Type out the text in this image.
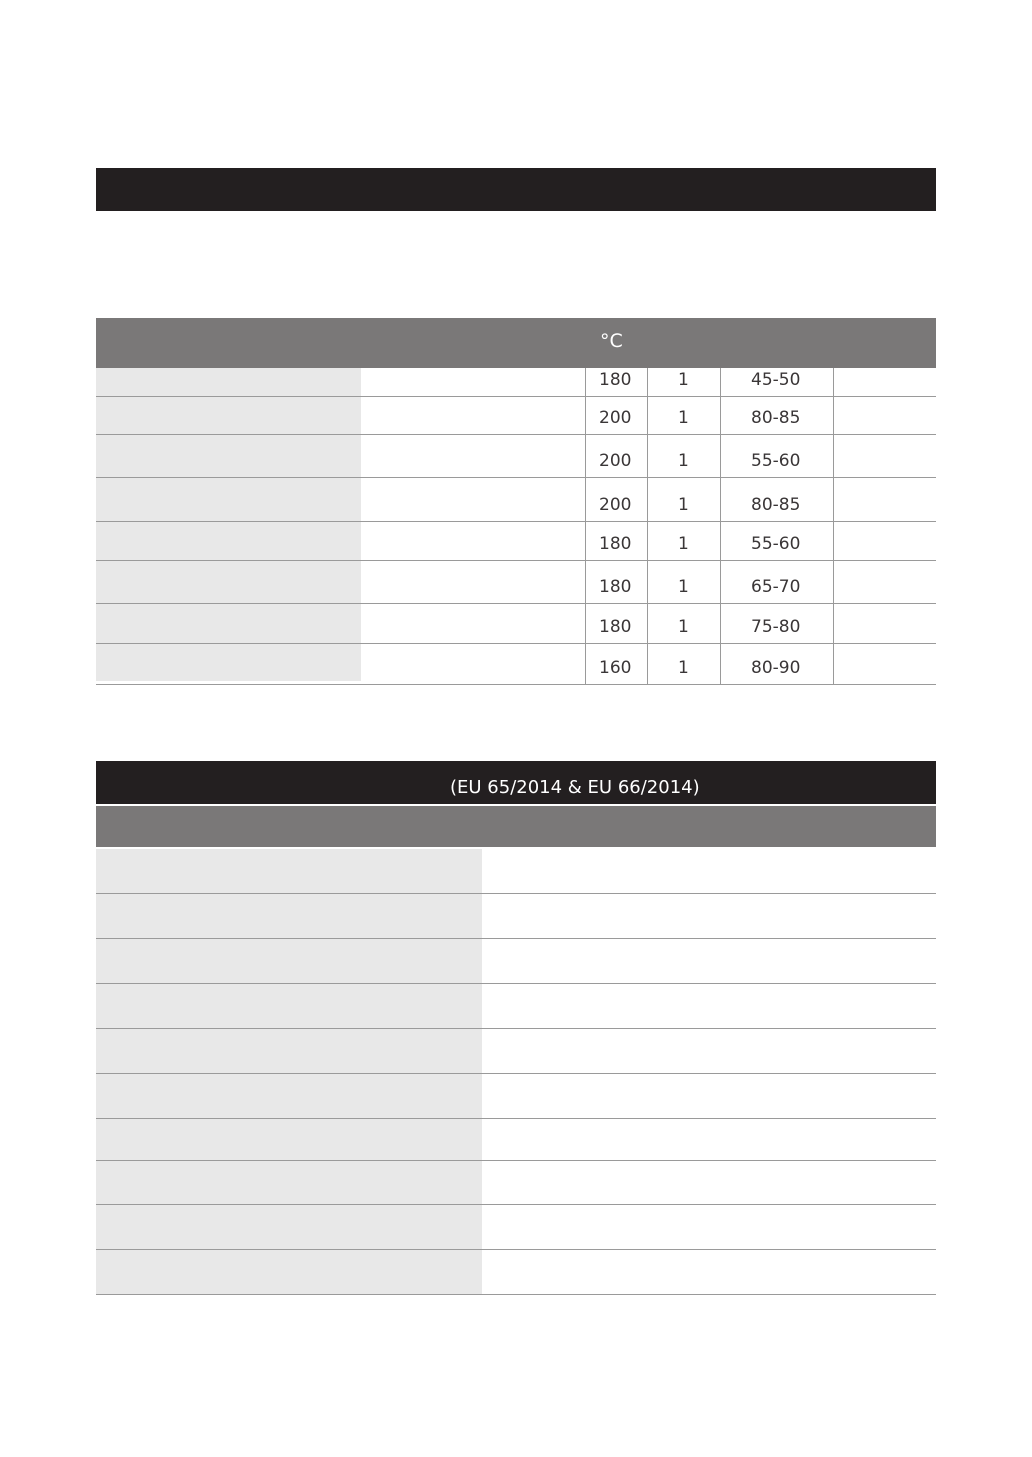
°C
180	1	45-50
200	1	80-85
200	1	55-60
200	1	80-85
180	1	55-60
180	1	65-70
180	1	75-80
160	1	80-90
(EU 65/2014 & EU 66/2014)
